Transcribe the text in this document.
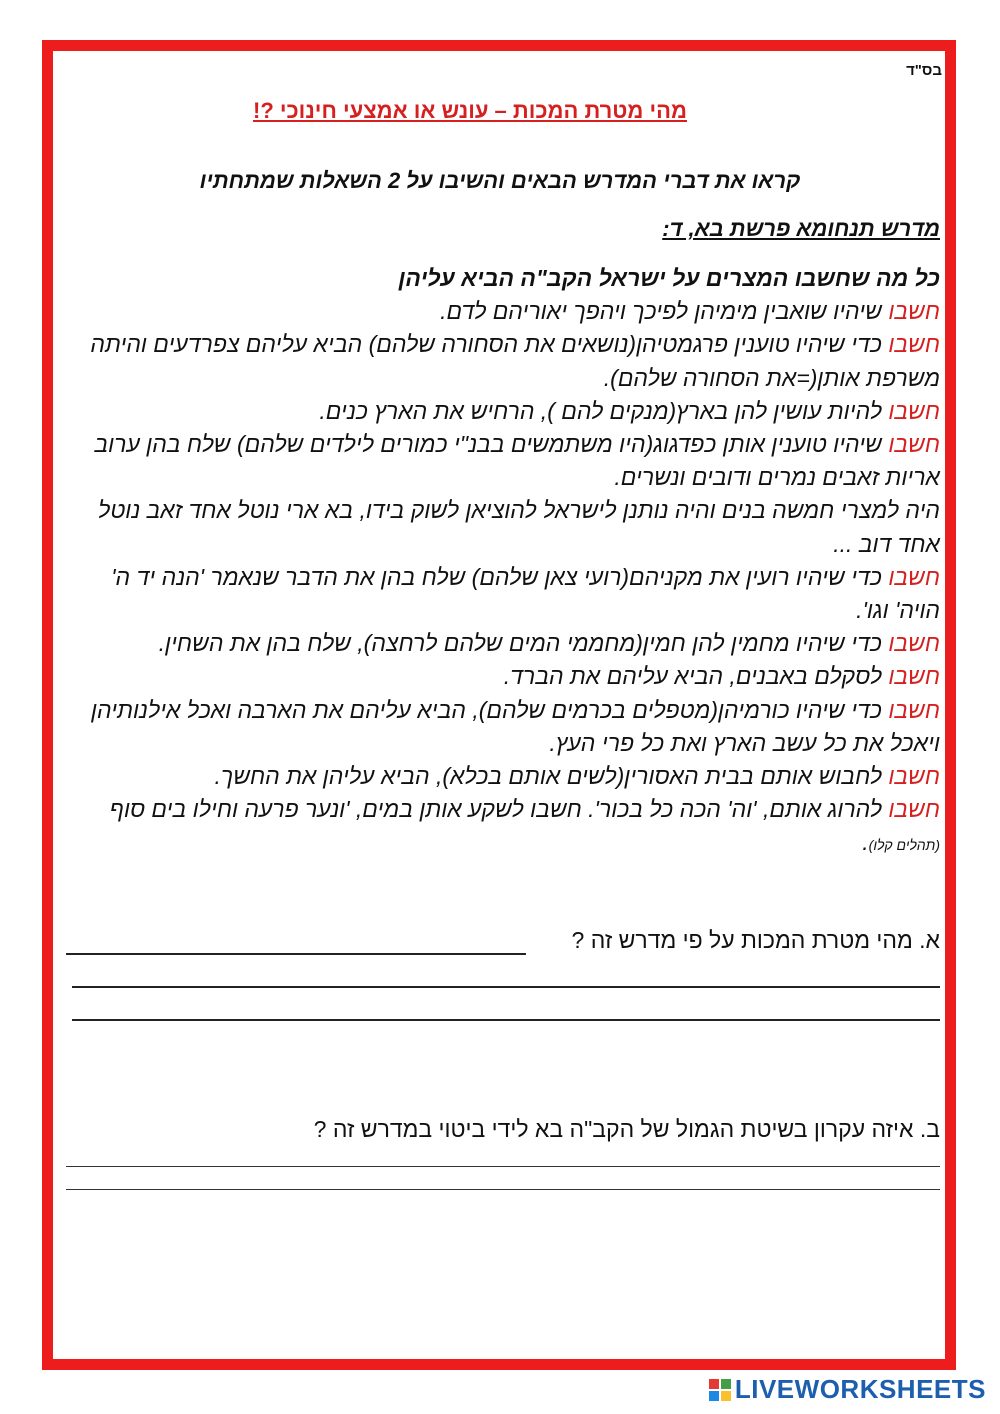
בס"ד
מהי מטרת המכות – עונש או אמצעי חינוכי ?!
קראו את דברי המדרש הבאים והשיבו על 2 השאלות שמתחתיו
מדרש תנחומא פרשת בא, ד:
כל מה שחשבו המצרים על ישראל הקב"ה הביא עליהן
חשבו שיהיו שואבין מימיהן לפיכך ויהפך יאוריהם לדם.
חשבו כדי שיהיו טוענין פרגמטיהן(נושאים את הסחורה שלהם) הביא עליהם צפרדעים והיתה משרפת אותן(=את הסחורה שלהם).
חשבו להיות עושין להן בארץ(מנקים להם ), הרחיש את הארץ כנים.
חשבו שיהיו טוענין אותן כפדגוג(היו משתמשים בבנ"י כמורים לילדים שלהם) שלח בהן ערוב אריות זאבים נמרים ודובים ונשרים.
היה למצרי חמשה בנים והיה נותנן לישראל להוציאן לשוק בידו, בא ארי נוטל אחד זאב נוטל אחד דוב ...
חשבו כדי שיהיו רועין את מקניהם(רועי צאן שלהם) שלח בהן את הדבר שנאמר 'הנה יד ה' הויה' וגו'.
חשבו כדי שיהיו מחמין להן חמין(מחממי המים שלהם לרחצה), שלח בהן את השחין.
חשבו לסקלם באבנים, הביא עליהם את הברד.
חשבו כדי שיהיו כורמיהן(מטפלים בכרמים שלהם), הביא עליהם את הארבה ואכל אילנותיהן ויאכל את כל עשב הארץ ואת כל פרי העץ.
חשבו לחבוש אותם בבית האסורין(לשים אותם בכלא), הביא עליהן את החשך.
חשבו להרוג אותם, 'וה' הכה כל בכור'. חשבו לשקע אותן במים, 'ונער פרעה וחילו בים סוף (תהלים קלו).
א. מהי מטרת המכות על פי מדרש זה ?
ב. איזה עקרון בשיטת הגמול של הקב"ה בא לידי ביטוי במדרש זה ?
LIVEWORKSHEETS
